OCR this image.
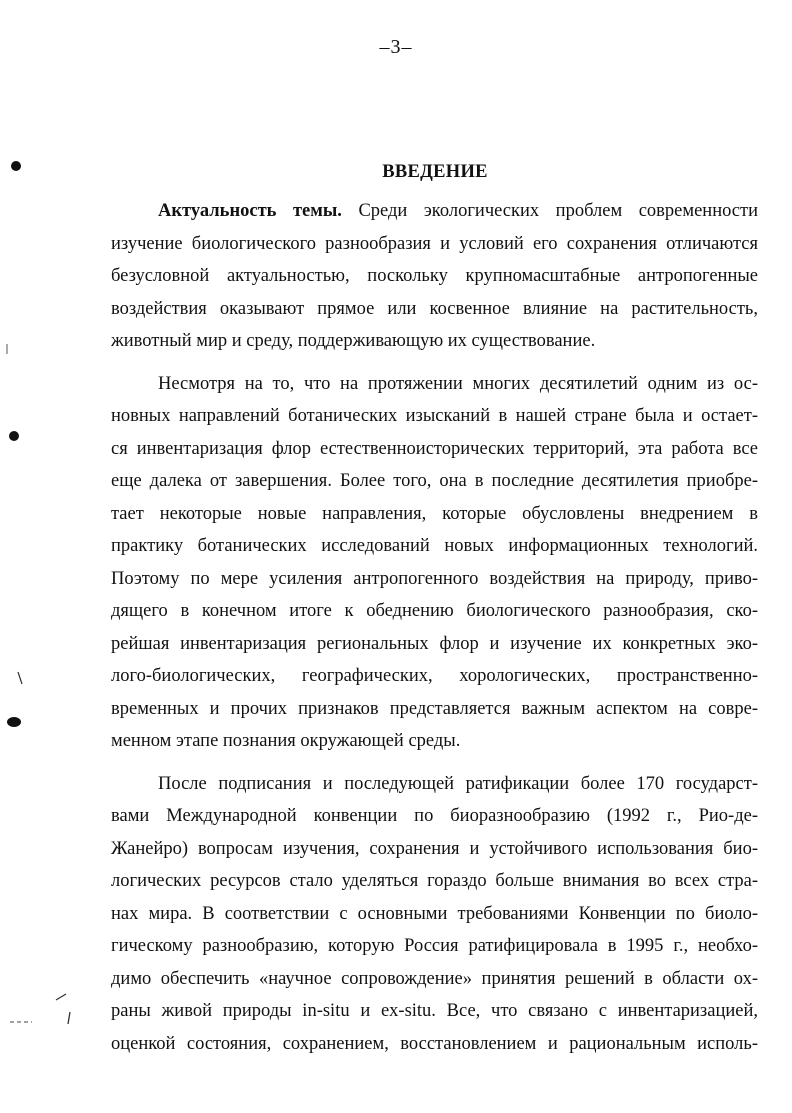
–3–
ВВЕДЕНИЕ
Актуальность темы. Среди экологических проблем современности
изучение биологического разнообразия и условий его сохранения отличаются
безусловной актуальностью, поскольку крупномасштабные антропогенные
воздействия оказывают прямое или косвенное влияние на растительность,
животный мир и среду, поддерживающую их существование.
Несмотря на то, что на протяжении многих десятилетий одним из ос-
новных направлений ботанических изысканий в нашей стране была и остает-
ся инвентаризация флор естественноисторических территорий, эта работа все
еще далека от завершения. Более того, она в последние десятилетия приобре-
тает некоторые новые направления, которые обусловлены внедрением в
практику ботанических исследований новых информационных технологий.
Поэтому по мере усиления антропогенного воздействия на природу, приво-
дящего в конечном итоге к обеднению биологического разнообразия, ско-
рейшая инвентаризация региональных флор и изучение их конкретных эко-
лого-биологических, географических, хорологических, пространственно-
временных и прочих признаков представляется важным аспектом на совре-
менном этапе познания окружающей среды.
После подписания и последующей ратификации более 170 государст-
вами Международной конвенции по биоразнообразию (1992 г., Рио-де-
Жанейро) вопросам изучения, сохранения и устойчивого использования био-
логических ресурсов стало уделяться гораздо больше внимания во всех стра-
нах мира. В соответствии с основными требованиями Конвенции по биоло-
гическому разнообразию, которую Россия ратифицировала в 1995 г., необхо-
димо обеспечить «научное сопровождение» принятия решений в области ох-
раны живой природы in-situ и ex-situ. Все, что связано с инвентаризацией,
оценкой состояния, сохранением, восстановлением и рациональным исполь-
